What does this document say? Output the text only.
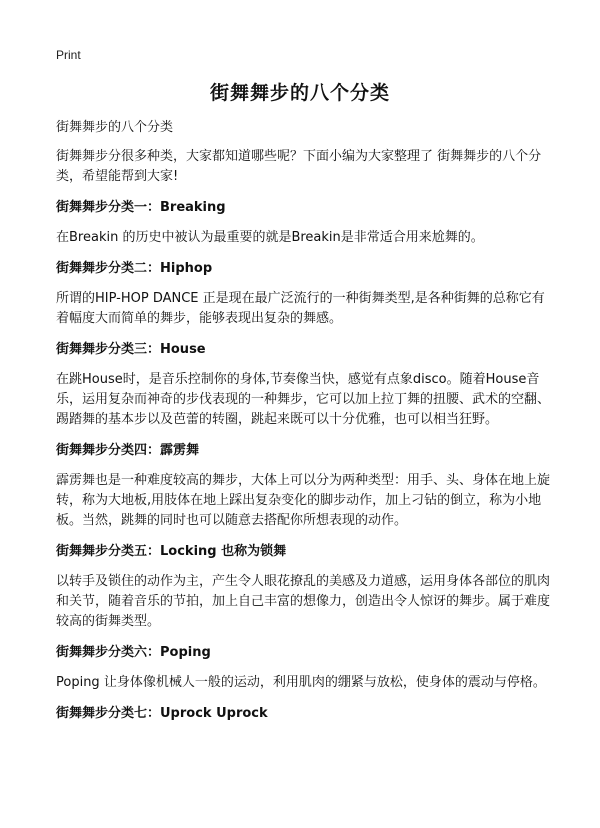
Print
街舞舞步的八个分类

街舞舞步的八个分类

街舞舞步分很多种类，大家都知道哪些呢？下面小编为大家整理了 街舞舞步的八个分类，希望能帮到大家!

街舞舞步分类一：Breaking

在Breakin 的历史中被认为最重要的就是Breakin是非常适合用来尬舞的。

街舞舞步分类二：Hiphop

所谓的HIP-HOP DANCE 正是现在最广泛流行的一种街舞类型,是各种街舞的总称它有着幅度大而简单的舞步，能够表现出复杂的舞感。

街舞舞步分类三：House

在跳House时，是音乐控制你的身体,节奏像当快，感觉有点象disco。随着House音乐，运用复杂而神奇的步伐表现的一种舞步，它可以加上拉丁舞的扭腰、武术的空翻、踢踏舞的基本步以及芭蕾的转圈，跳起来既可以十分优雅，也可以相当狂野。

街舞舞步分类四：霹雳舞

霹雳舞也是一种难度较高的舞步，大体上可以分为两种类型：用手、头、身体在地上旋转，称为大地板,用肢体在地上踩出复杂变化的脚步动作，加上刁钻的倒立，称为小地板。当然，跳舞的同时也可以随意去搭配你所想表现的动作。

街舞舞步分类五：Locking 也称为锁舞

以转手及锁住的动作为主，产生令人眼花撩乱的美感及力道感，运用身体各部位的肌肉和关节，随着音乐的节拍，加上自己丰富的想像力，创造出令人惊讶的舞步。属于难度较高的街舞类型。

街舞舞步分类六：Poping

Poping 让身体像机械人一般的运动，利用肌肉的绷紧与放松，使身体的震动与停格。

街舞舞步分类七：Uprock Uprock
